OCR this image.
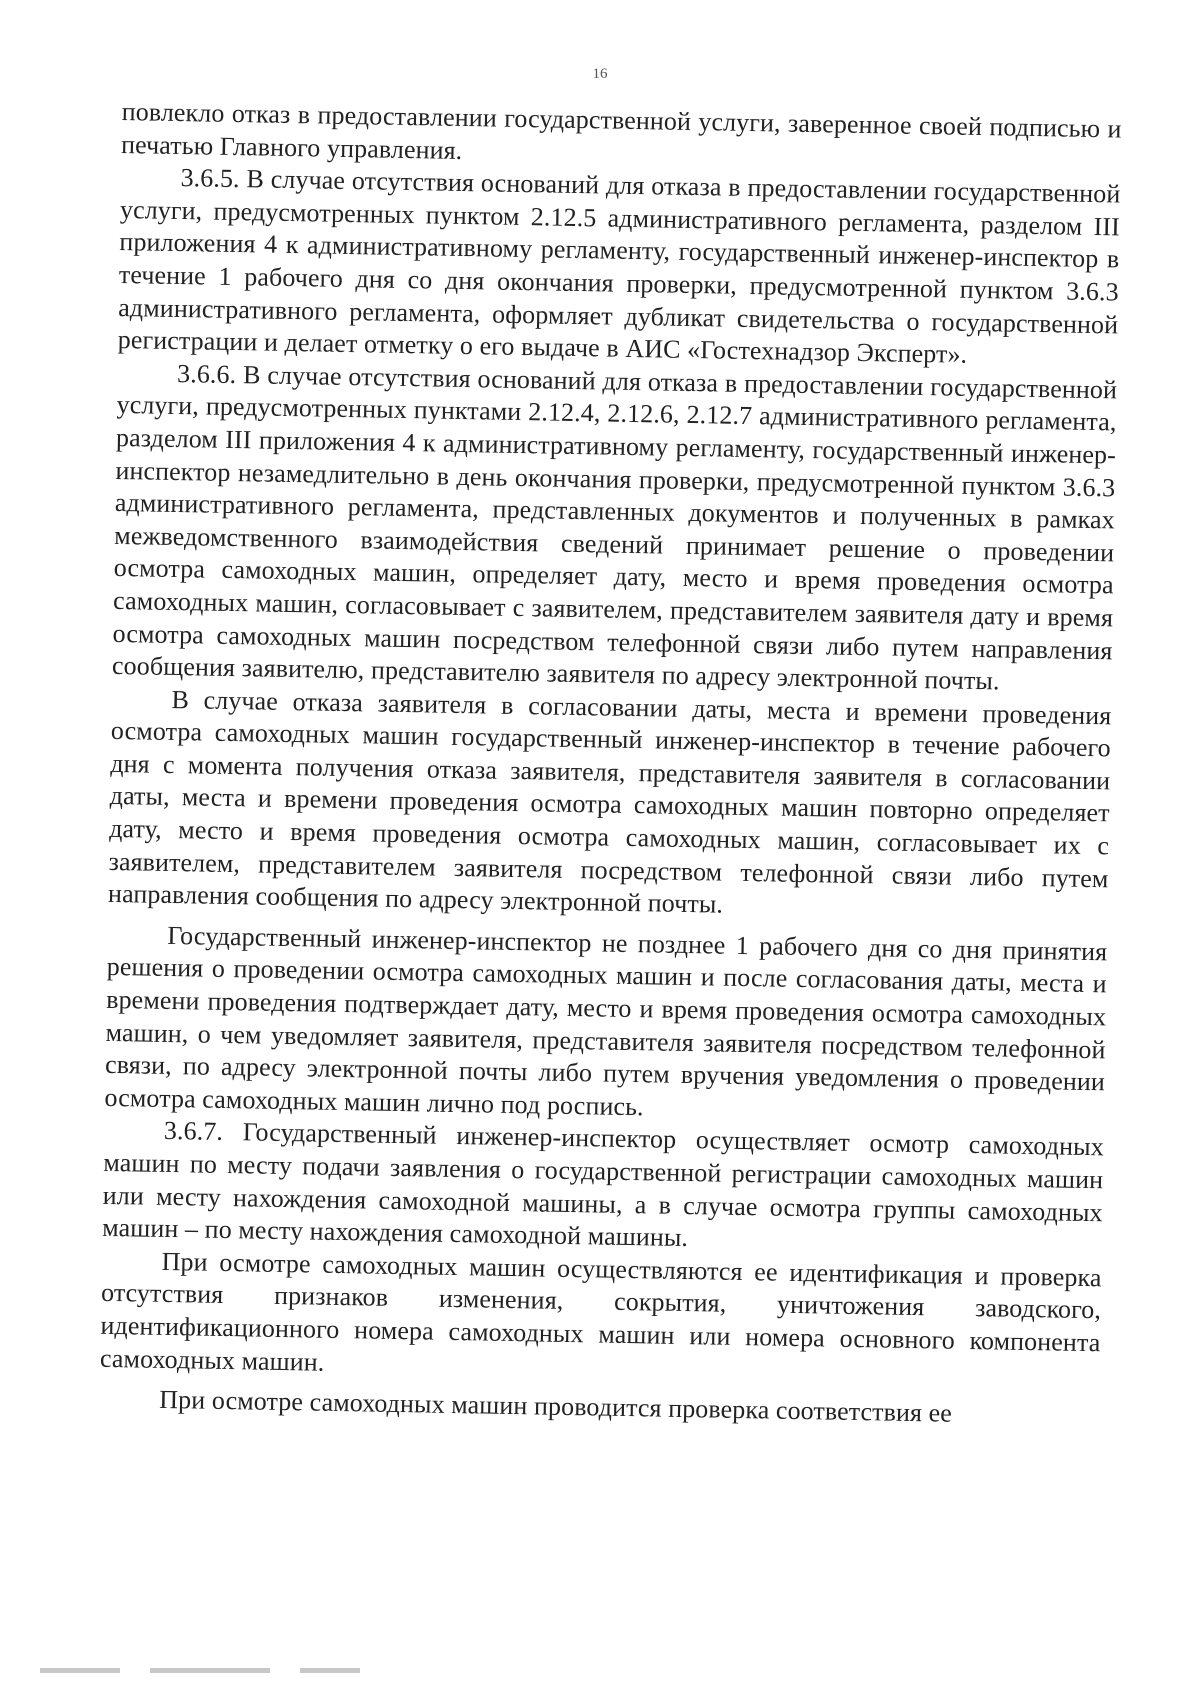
16

повлекло отказ в предоставлении государственной услуги, заверенное своей подписью и печатью Главного управления.

3.6.5. В случае отсутствия оснований для отказа в предоставлении государственной услуги, предусмотренных пунктом 2.12.5 административного регламента, разделом III приложения 4 к административному регламенту, государственный инженер-инспектор в течение 1 рабочего дня со дня окончания проверки, предусмотренной пунктом 3.6.3 административного регламента, оформляет дубликат свидетельства о государственной регистрации и делает отметку о его выдаче в АИС «Гостехнадзор Эксперт».

3.6.6. В случае отсутствия оснований для отказа в предоставлении государственной услуги, предусмотренных пунктами 2.12.4, 2.12.6, 2.12.7 административного регламента, разделом III приложения 4 к административному регламенту, государственный инженер-инспектор незамедлительно в день окончания проверки, предусмотренной пунктом 3.6.3 административного регламента, представленных документов и полученных в рамках межведомственного взаимодействия сведений принимает решение о проведении осмотра самоходных машин, определяет дату, место и время проведения осмотра самоходных машин, согласовывает с заявителем, представителем заявителя дату и время осмотра самоходных машин посредством телефонной связи либо путем направления сообщения заявителю, представителю заявителя по адресу электронной почты.

В случае отказа заявителя в согласовании даты, места и времени проведения осмотра самоходных машин государственный инженер-инспектор в течение рабочего дня с момента получения отказа заявителя, представителя заявителя в согласовании даты, места и времени проведения осмотра самоходных машин повторно определяет дату, место и время проведения осмотра самоходных машин, согласовывает их с заявителем, представителем заявителя посредством телефонной связи либо путем направления сообщения по адресу электронной почты.

Государственный инженер-инспектор не позднее 1 рабочего дня со дня принятия решения о проведении осмотра самоходных машин и после согласования даты, места и времени проведения подтверждает дату, место и время проведения осмотра самоходных машин, о чем уведомляет заявителя, представителя заявителя посредством телефонной связи, по адресу электронной почты либо путем вручения уведомления о проведении осмотра самоходных машин лично под роспись.

3.6.7. Государственный инженер-инспектор осуществляет осмотр самоходных машин по месту подачи заявления о государственной регистрации самоходных машин или месту нахождения самоходной машины, а в случае осмотра группы самоходных машин – по месту нахождения самоходной машины.

При осмотре самоходных машин осуществляются ее идентификация и проверка отсутствия признаков изменения, сокрытия, уничтожения заводского, идентификационного номера самоходных машин или номера основного компонента самоходных машин.

При осмотре самоходных машин проводится проверка соответствия ее
